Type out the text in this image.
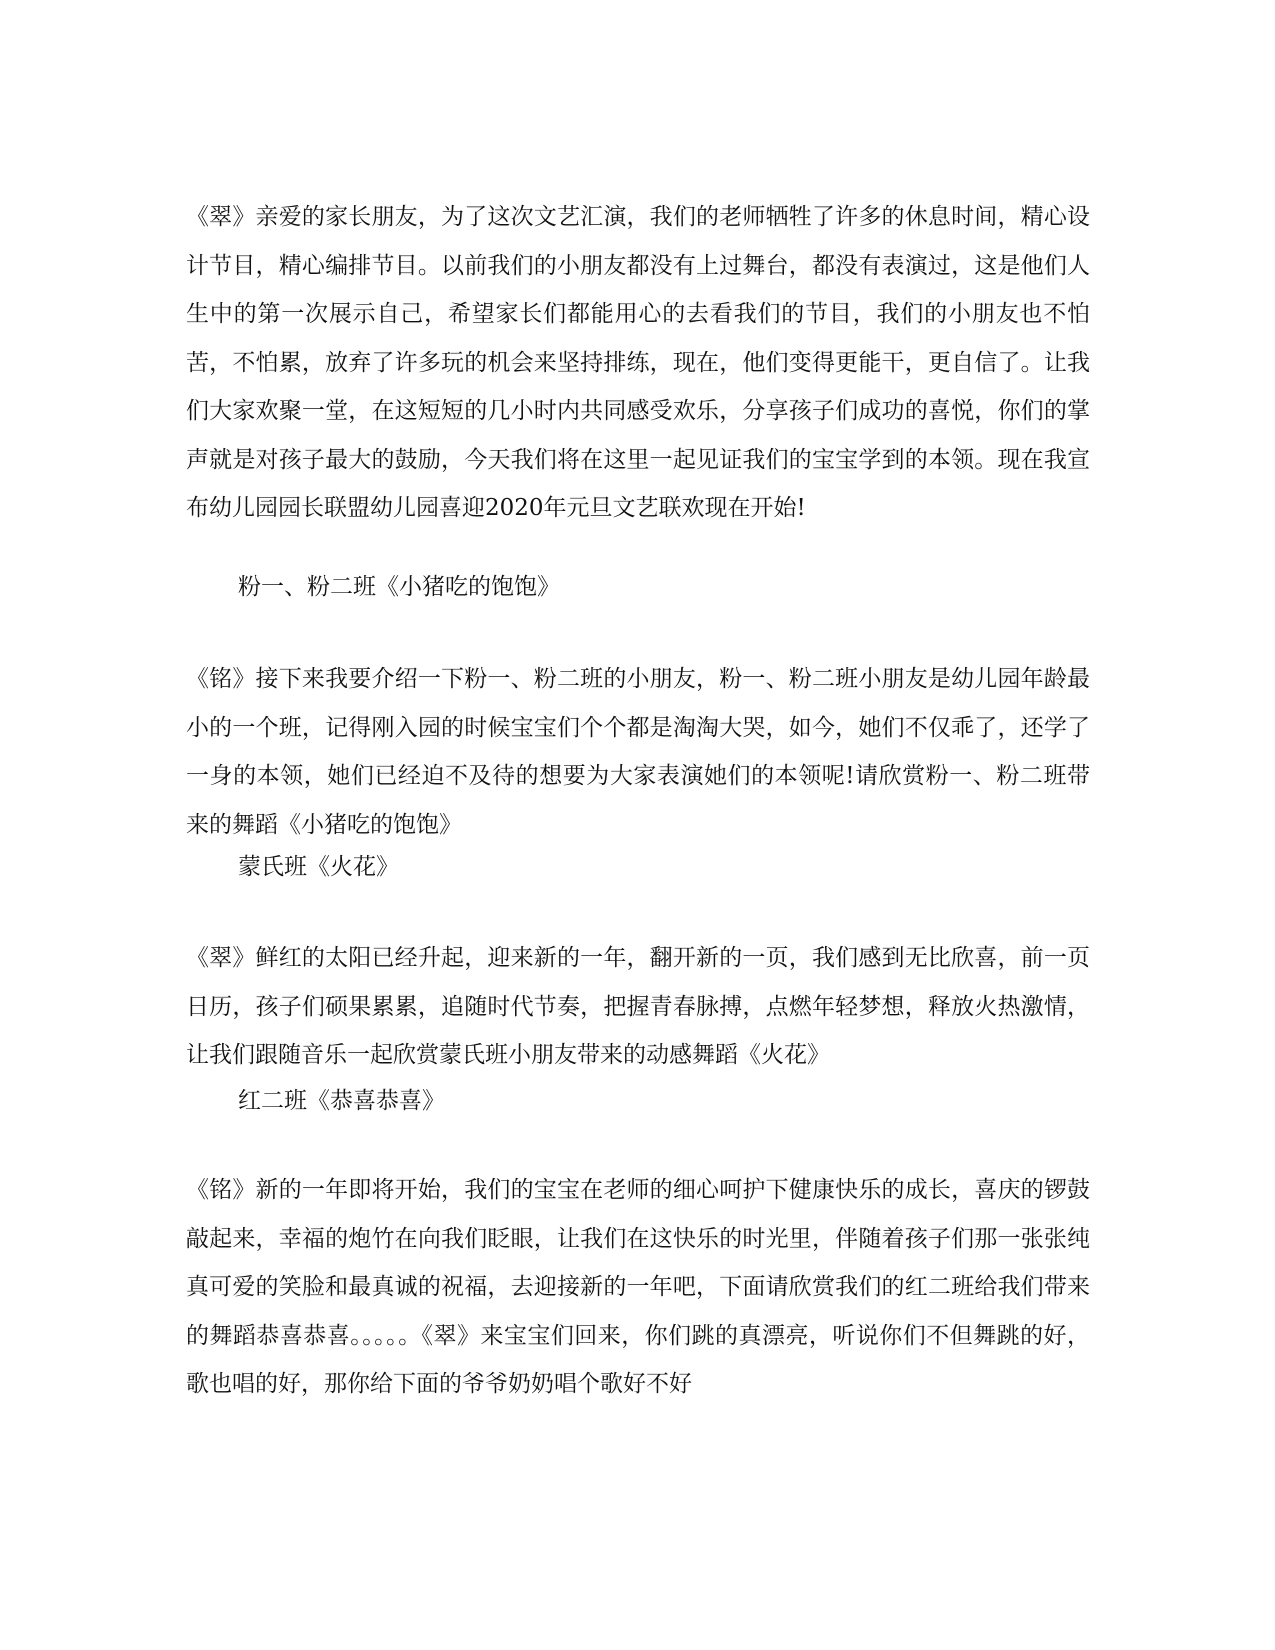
《翠》亲爱的家长朋友，为了这次文艺汇演，我们的老师牺牲了许多的休息时间，精心设计节目，精心编排节目。以前我们的小朋友都没有上过舞台，都没有表演过，这是他们人生中的第一次展示自己，希望家长们都能用心的去看我们的节目，我们的小朋友也不怕苦，不怕累，放弃了许多玩的机会来坚持排练，现在，他们变得更能干，更自信了。让我们大家欢聚一堂，在这短短的几小时内共同感受欢乐，分享孩子们成功的喜悦，你们的掌声就是对孩子最大的鼓励，今天我们将在这里一起见证我们的宝宝学到的本领。现在我宣布幼儿园园长联盟幼儿园喜迎2020年元旦文艺联欢现在开始!

粉一、粉二班《小猪吃的饱饱》

《铭》接下来我要介绍一下粉一、粉二班的小朋友，粉一、粉二班小朋友是幼儿园年龄最小的一个班，记得刚入园的时候宝宝们个个都是淘淘大哭，如今，她们不仅乖了，还学了一身的本领，她们已经迫不及待的想要为大家表演她们的本领呢!请欣赏粉一、粉二班带来的舞蹈《小猪吃的饱饱》

蒙氏班《火花》

《翠》鲜红的太阳已经升起，迎来新的一年，翻开新的一页，我们感到无比欣喜，前一页日历，孩子们硕果累累，追随时代节奏，把握青春脉搏，点燃年轻梦想，释放火热激情，让我们跟随音乐一起欣赏蒙氏班小朋友带来的动感舞蹈《火花》

红二班《恭喜恭喜》

《铭》新的一年即将开始，我们的宝宝在老师的细心呵护下健康快乐的成长，喜庆的锣鼓敲起来，幸福的炮竹在向我们眨眼，让我们在这快乐的时光里，伴随着孩子们那一张张纯真可爱的笑脸和最真诚的祝福，去迎接新的一年吧，下面请欣赏我们的红二班给我们带来的舞蹈恭喜恭喜。。。。。《翠》来宝宝们回来，你们跳的真漂亮，听说你们不但舞跳的好，歌也唱的好，那你给下面的爷爷奶奶唱个歌好不好
